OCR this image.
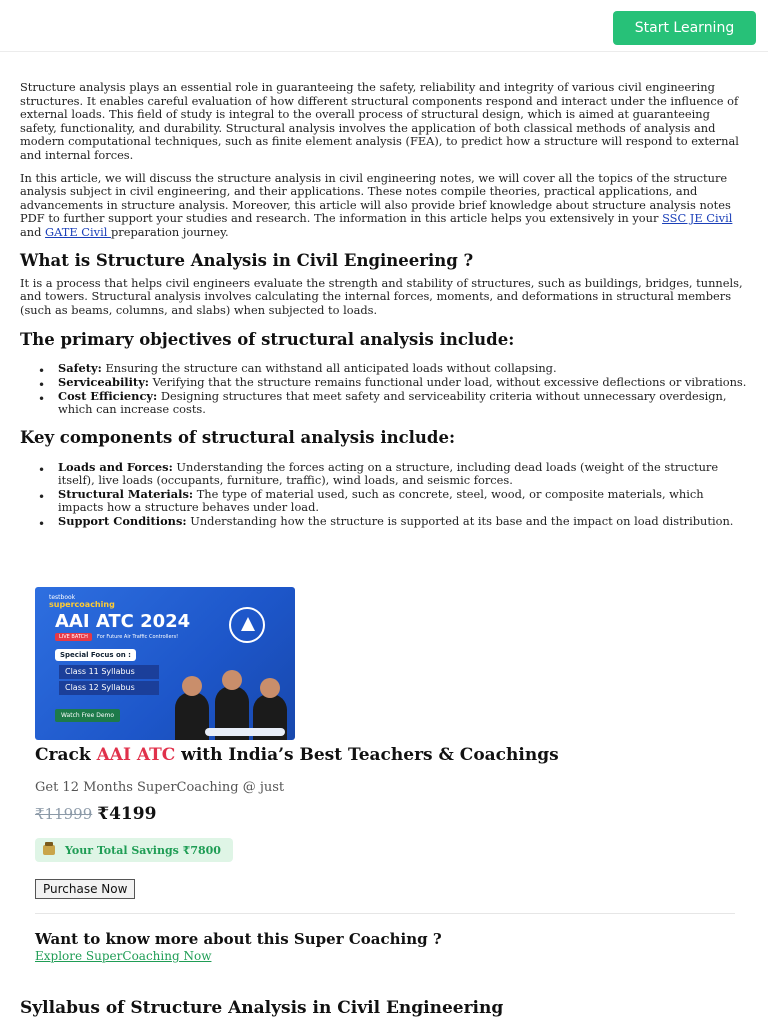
Start Learning

Structure analysis plays an essential role in guaranteeing the safety, reliability and integrity of various civil engineering structures. It enables careful evaluation of how different structural components respond and interact under the influence of external loads. This field of study is integral to the overall process of structural design, which is aimed at guaranteeing safety, functionality, and durability. Structural analysis involves the application of both classical methods of analysis and modern computational techniques, such as finite element analysis (FEA), to predict how a structure will respond to external and internal forces.

In this article, we will discuss the structure analysis in civil engineering notes, we will cover all the topics of the structure analysis subject in civil engineering, and their applications. These notes compile theories, practical applications, and advancements in structure analysis. Moreover, this article will also provide brief knowledge about structure analysis notes PDF to further support your studies and research. The information in this article helps you extensively in your SSC JE Civil and GATE Civil preparation journey.

What is Structure Analysis in Civil Engineering ?

It is a process that helps civil engineers evaluate the strength and stability of structures, such as buildings, bridges, tunnels, and towers. Structural analysis involves calculating the internal forces, moments, and deformations in structural members (such as beams, columns, and slabs) when subjected to loads.

The primary objectives of structural analysis include:
• Safety: Ensuring the structure can withstand all anticipated loads without collapsing.
• Serviceability: Verifying that the structure remains functional under load, without excessive deflections or vibrations.
• Cost Efficiency: Designing structures that meet safety and serviceability criteria without unnecessary overdesign, which can increase costs.
Key components of structural analysis include:
• Loads and Forces: Understanding the forces acting on a structure, including dead loads (weight of the structure itself), live loads (occupants, furniture, traffic), wind loads, and seismic forces.
• Structural Materials: The type of material used, such as concrete, steel, wood, or composite materials, which impacts how a structure behaves under load.
• Support Conditions: Understanding how the structure is supported at its base and the impact on load distribution.
testbook
supercoaching
AAI ATC 2024
LIVE BATCH	For Future Air Traffic Controllers!
Special Focus on :
Class 11 Syllabus
Class 12 Syllabus
Watch Free Demo
Crack AAI ATC with India’s Best Teachers & Coachings
Get 12 Months SuperCoaching @ just
₹11999 ₹4199
Your Total Savings ₹7800
Purchase Now
Want to know more about this Super Coaching ?
Explore SuperCoaching Now
Syllabus of Structure Analysis in Civil Engineering
